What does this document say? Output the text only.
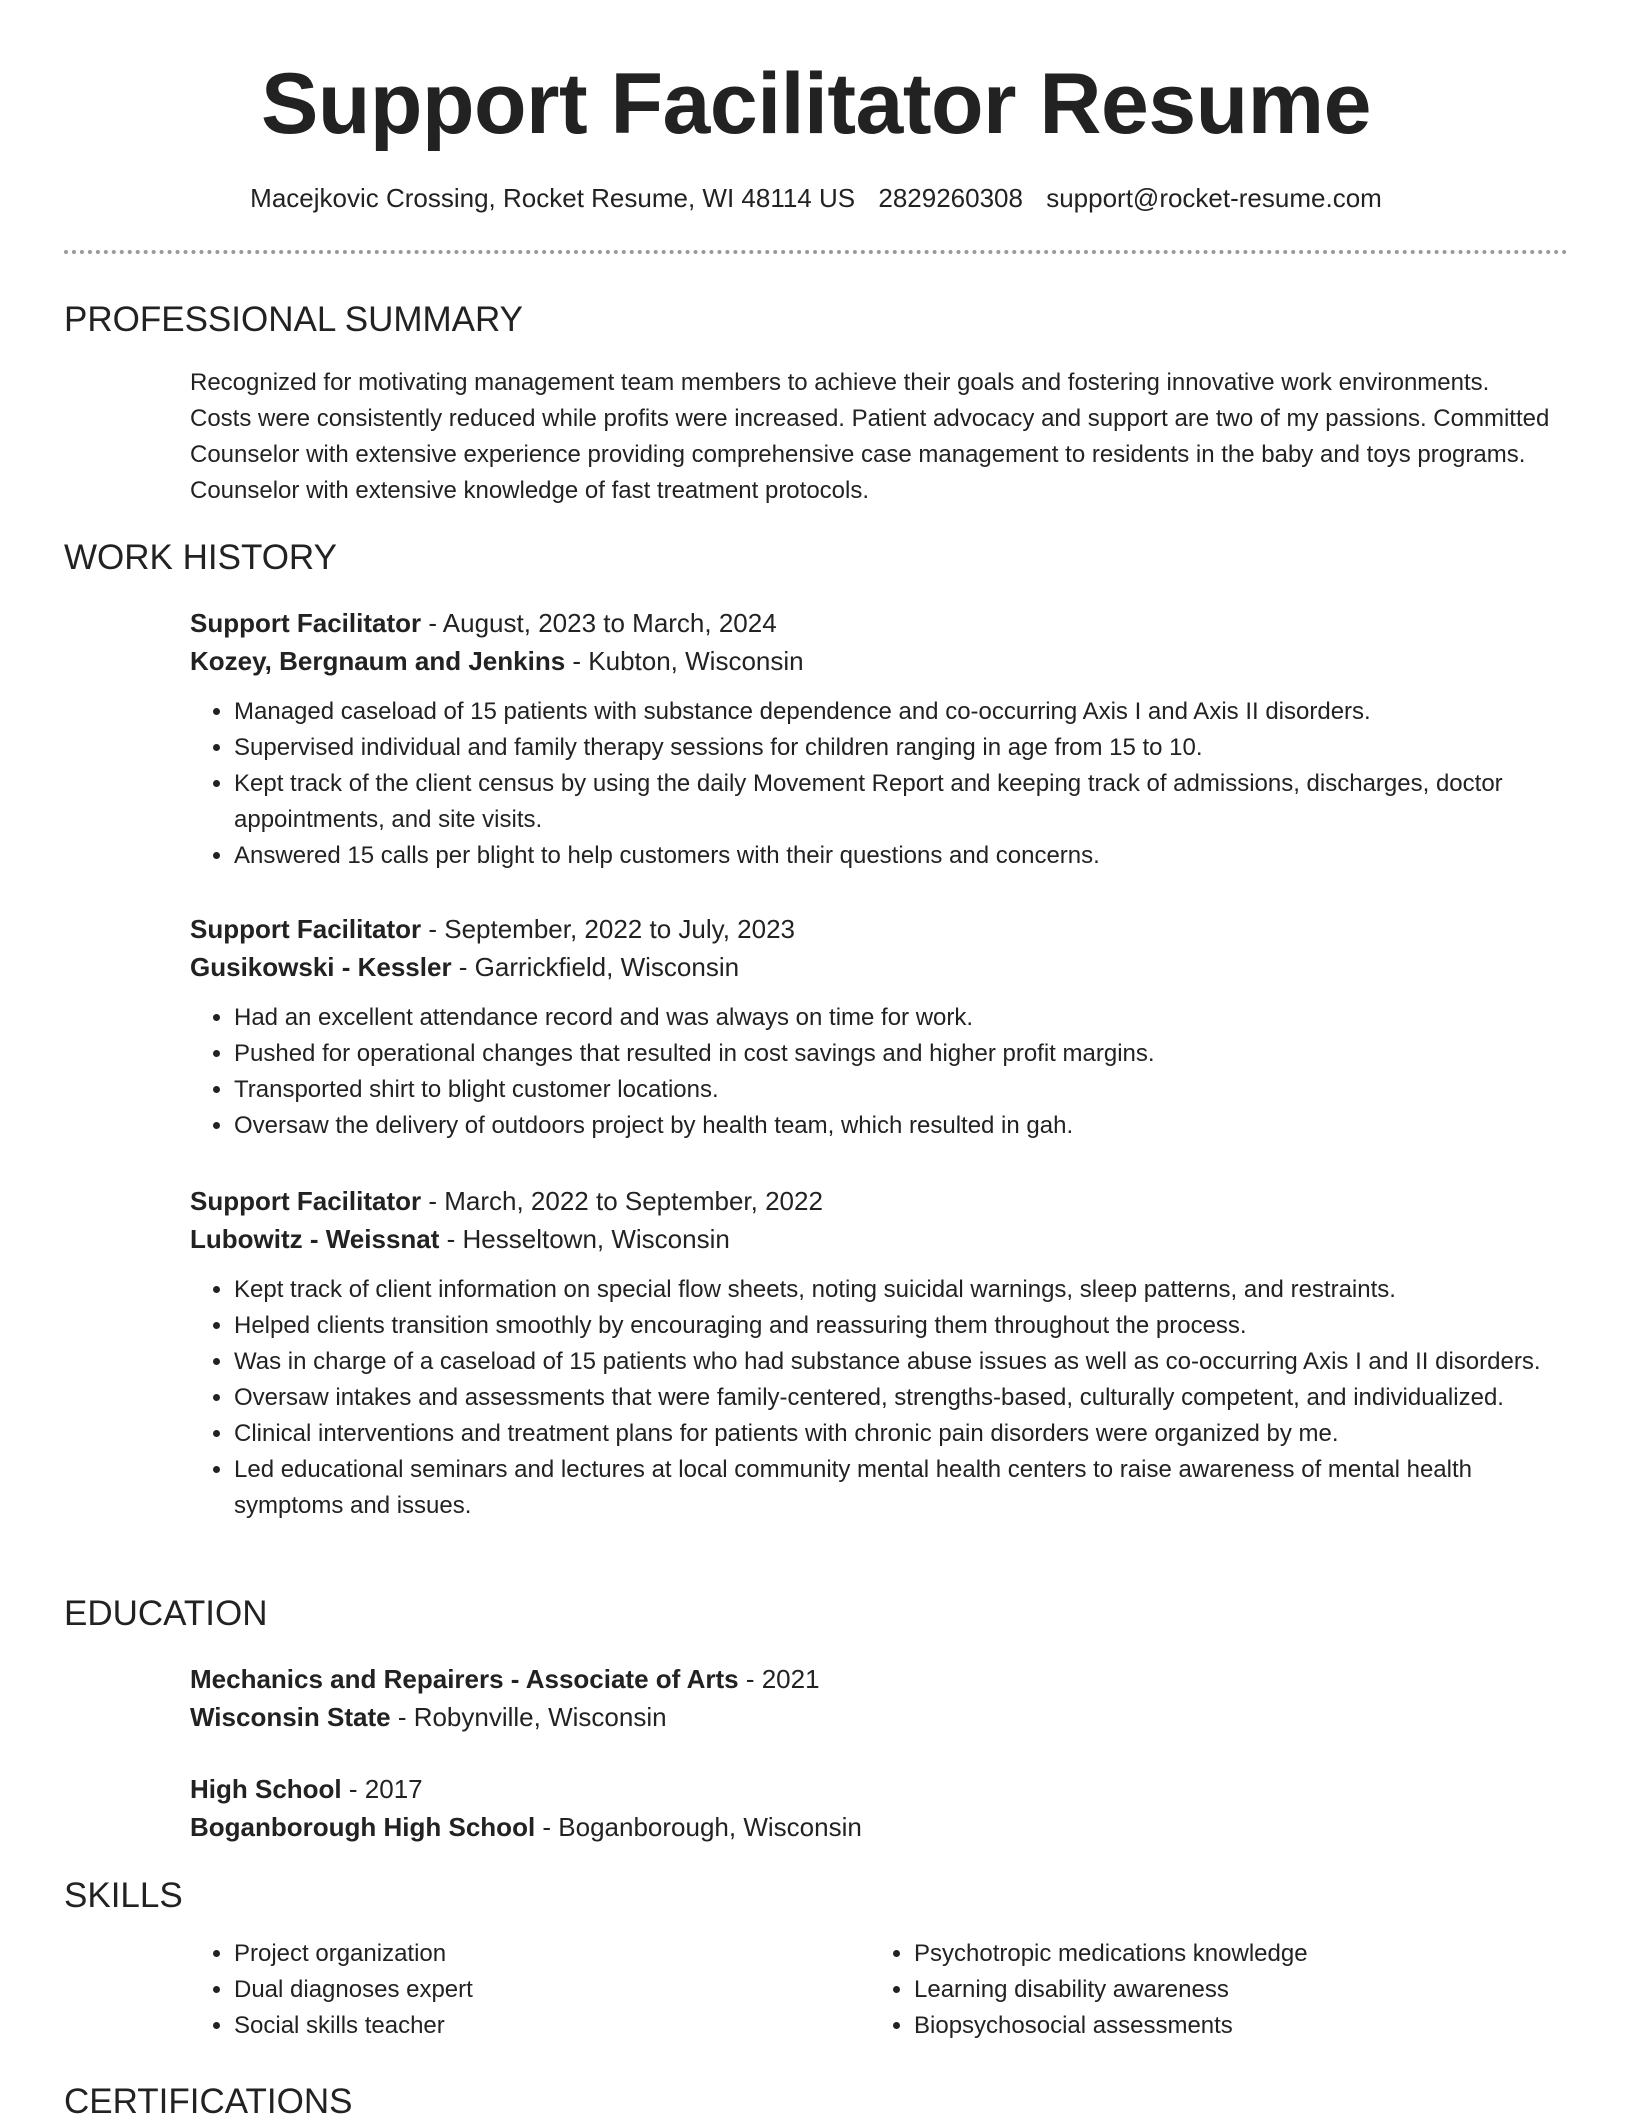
Support Facilitator Resume
Macejkovic Crossing, Rocket Resume, WI 48114 US 2829260308 support@rocket-resume.com
PROFESSIONAL SUMMARY

Recognized for motivating management team members to achieve their goals and fostering innovative work environments. Costs were consistently reduced while profits were increased. Patient advocacy and support are two of my passions. Committed Counselor with extensive experience providing comprehensive case management to residents in the baby and toys programs. Counselor with extensive knowledge of fast treatment protocols.

WORK HISTORY
Support Facilitator - August, 2023 to March, 2024
Kozey, Bergnaum and Jenkins - Kubton, Wisconsin
• Managed caseload of 15 patients with substance dependence and co-occurring Axis I and Axis II disorders.
• Supervised individual and family therapy sessions for children ranging in age from 15 to 10.
• Kept track of the client census by using the daily Movement Report and keeping track of admissions, discharges, doctor appointments, and site visits.
• Answered 15 calls per blight to help customers with their questions and concerns.
Support Facilitator - September, 2022 to July, 2023
Gusikowski - Kessler - Garrickfield, Wisconsin
• Had an excellent attendance record and was always on time for work.
• Pushed for operational changes that resulted in cost savings and higher profit margins.
• Transported shirt to blight customer locations.
• Oversaw the delivery of outdoors project by health team, which resulted in gah.
Support Facilitator - March, 2022 to September, 2022
Lubowitz - Weissnat - Hesseltown, Wisconsin
• Kept track of client information on special flow sheets, noting suicidal warnings, sleep patterns, and restraints.
• Helped clients transition smoothly by encouraging and reassuring them throughout the process.
• Was in charge of a caseload of 15 patients who had substance abuse issues as well as co-occurring Axis I and II disorders.
• Oversaw intakes and assessments that were family-centered, strengths-based, culturally competent, and individualized.
• Clinical interventions and treatment plans for patients with chronic pain disorders were organized by me.
• Led educational seminars and lectures at local community mental health centers to raise awareness of mental health symptoms and issues.
EDUCATION
Mechanics and Repairers - Associate of Arts - 2021
Wisconsin State - Robynville, Wisconsin
High School - 2017
Boganborough High School - Boganborough, Wisconsin
SKILLS
• Project organization
• Dual diagnoses expert
• Social skills teacher
• Psychotropic medications knowledge
• Learning disability awareness
• Biopsychosocial assessments
CERTIFICATIONS
